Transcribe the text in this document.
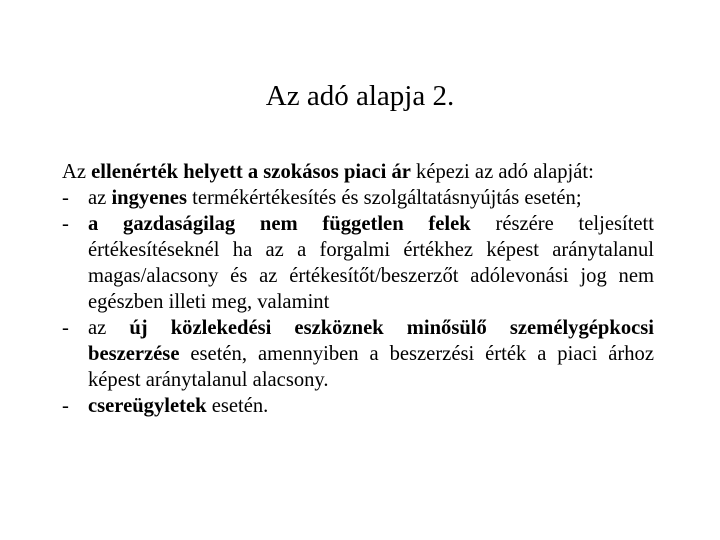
Az adó alapja 2.

Az ellenérték helyett a szokásos piaci ár képezi az adó alapját:

- az ingyenes termékértékesítés és szolgáltatásnyújtás esetén;

- a gazdaságilag nem független felek részére teljesített értékesítéseknél ha az a forgalmi értékhez képest aránytalanul magas/alacsony és az értékesítőt/beszerzőt adólevonási jog nem egészben illeti meg, valamint

- az új közlekedési eszköznek minősülő személygépkocsi beszerzése esetén, amennyiben a beszerzési érték a piaci árhoz képest aránytalanul alacsony.

- csereügyletek esetén.
